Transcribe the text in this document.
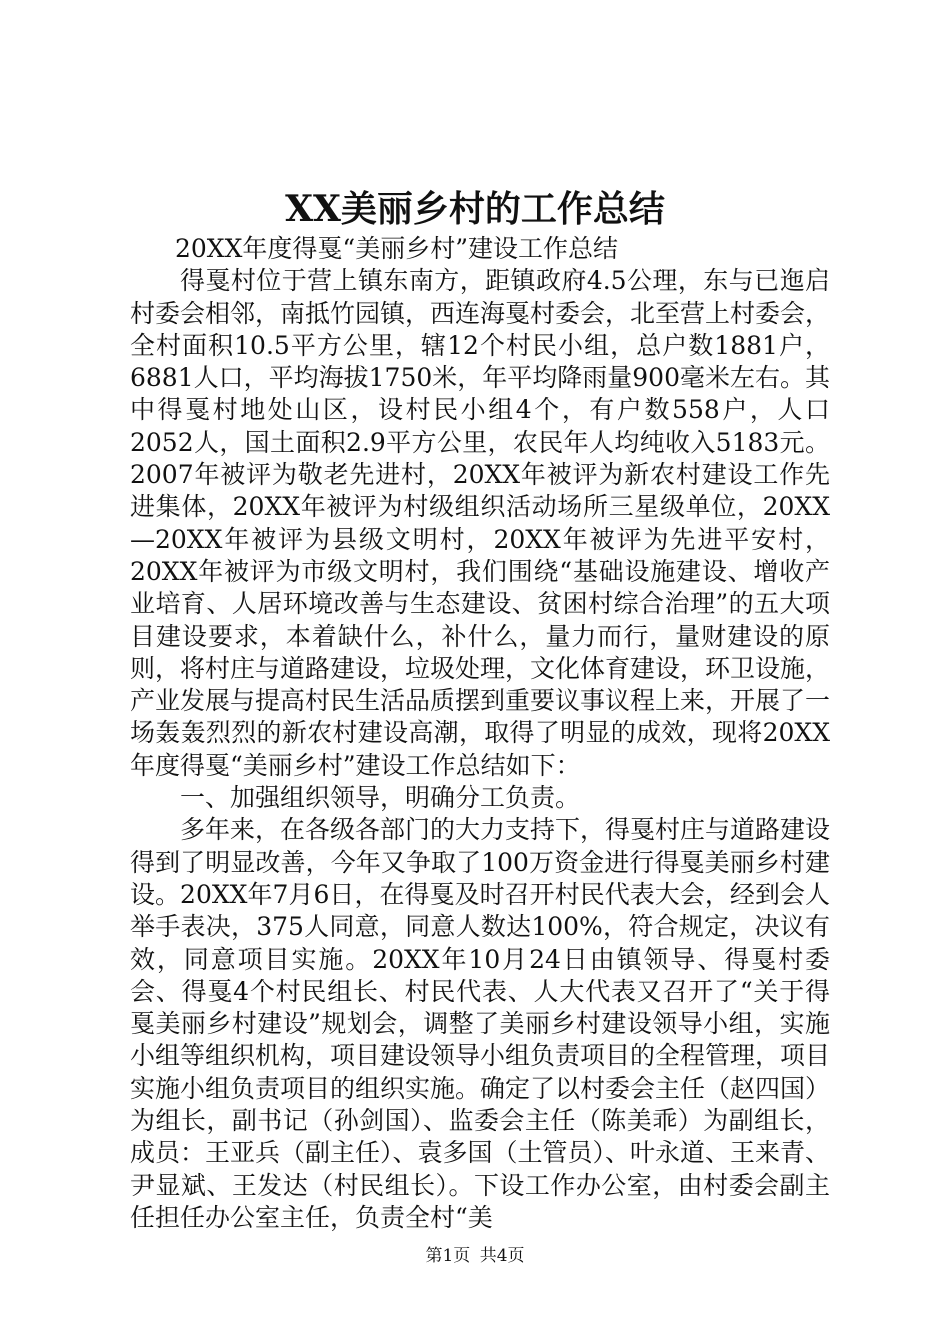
XX美丽乡村的工作总结

20XX年度得戛“美丽乡村”建设工作总结

得戛村位于营上镇东南方，距镇政府4.5公理，东与已迤启村委会相邻，南抵竹园镇，西连海戛村委会，北至营上村委会，全村面积10.5平方公里，辖12个村民小组，总户数1881户，6881人口，平均海拔1750米，年平均降雨量900毫米左右。其中得戛村地处山区，设村民小组4个，有户数558户，人口2052人，国土面积2.9平方公里，农民年人均纯收入5183元。2007年被评为敬老先进村，20XX年被评为新农村建设工作先进集体，20XX年被评为村级组织活动场所三星级单位，20XX—20XX年被评为县级文明村，20XX年被评为先进平安村，20XX年被评为市级文明村，我们围绕“基础设施建设、增收产业培育、人居环境改善与生态建设、贫困村综合治理”的五大项目建设要求，本着缺什么，补什么，量力而行，量财建设的原则，将村庄与道路建设，垃圾处理，文化体育建设，环卫设施，产业发展与提高村民生活品质摆到重要议事议程上来，开展了一场轰轰烈烈的新农村建设高潮，取得了明显的成效，现将20XX年度得戛“美丽乡村”建设工作总结如下：

一、加强组织领导，明确分工负责。

多年来，在各级各部门的大力支持下，得戛村庄与道路建设得到了明显改善，今年又争取了100万资金进行得戛美丽乡村建设。20XX年7月6日，在得戛及时召开村民代表大会，经到会人举手表决，375人同意，同意人数达100%，符合规定，决议有效，同意项目实施。20XX年10月24日由镇领导、得戛村委会、得戛4个村民组长、村民代表、人大代表又召开了“关于得戛美丽乡村建设”规划会，调整了美丽乡村建设领导小组，实施小组等组织机构，项目建设领导小组负责项目的全程管理，项目实施小组负责项目的组织实施。确定了以村委会主任（赵四国）为组长，副书记（孙剑国）、监委会主任（陈美乖）为副组长，成员：王亚兵（副主任）、袁多国（土管员）、叶永道、王来青、尹显斌、王发达（村民组长）。下设工作办公室，由村委会副主任担任办公室主任，负责全村“美

第1页 共4页
